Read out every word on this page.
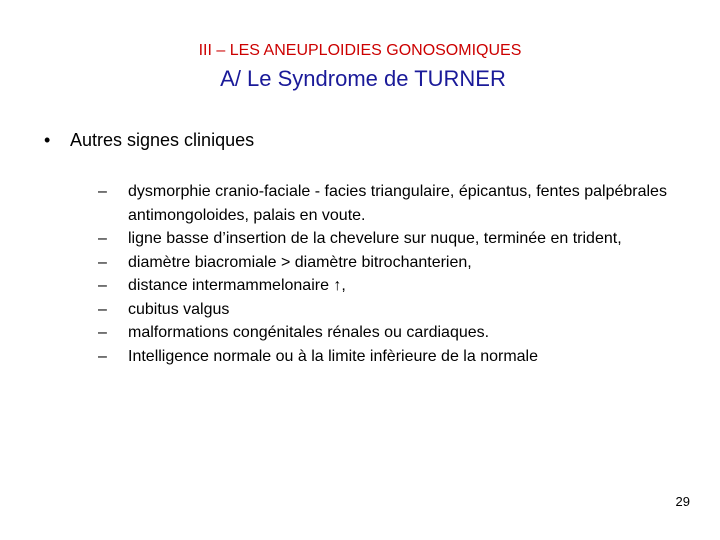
III – LES ANEUPLOIDIES GONOSOMIQUES
A/ Le Syndrome de TURNER
•	Autres signes cliniques
–	dysmorphie cranio-faciale - facies triangulaire, épicantus, fentes palpébrales antimongoloides, palais en voute.
–	ligne basse d’insertion de la chevelure sur nuque, terminée en trident,
–	diamètre biacromiale > diamètre bitrochanterien,
–	distance intermammelonaire ↑,
–	cubitus valgus
–	malformations congénitales rénales ou cardiaques.
–	Intelligence normale ou à la limite infèrieure de la normale
29
